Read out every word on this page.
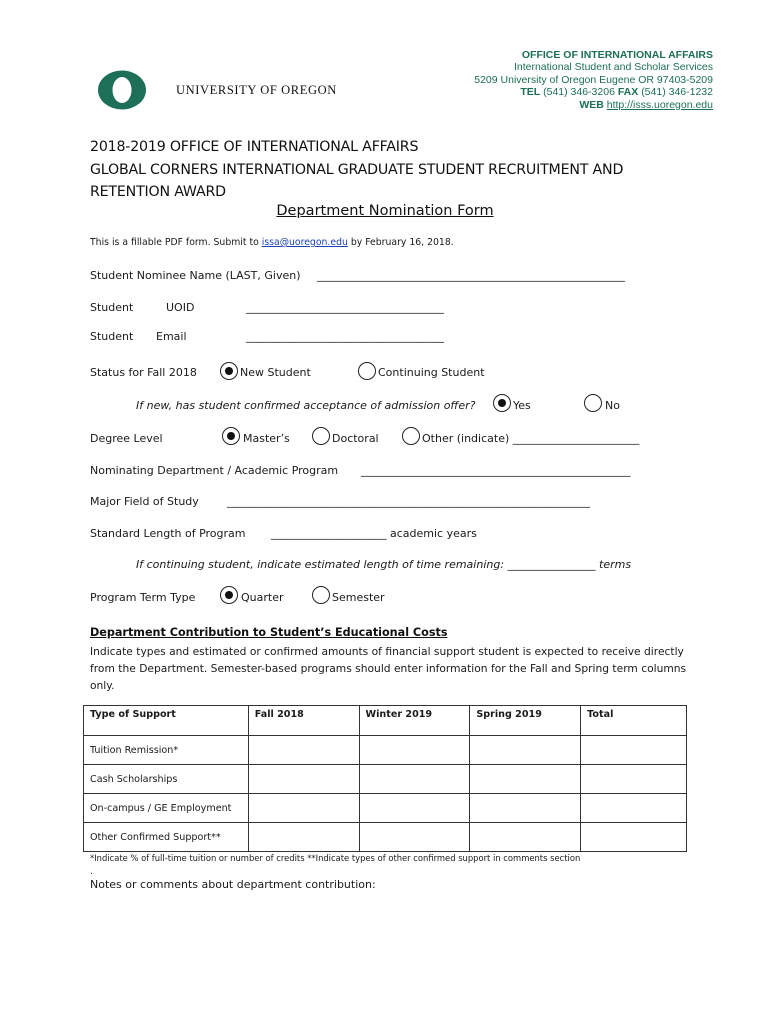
UNIVERSITY OF OREGON
OFFICE OF INTERNATIONAL AFFAIRS
International Student and Scholar Services
5209 University of Oregon Eugene OR 97403-5209
TEL (541) 346-3206 FAX (541) 346-1232
WEB http://isss.uoregon.edu
2018-2019 OFFICE OF INTERNATIONAL AFFAIRS
GLOBAL CORNERS INTERNATIONAL GRADUATE STUDENT RECRUITMENT AND
RETENTION AWARD
Department Nomination Form
This is a fillable PDF form. Submit to issa@uoregon.edu by February 16, 2018.
Student Nominee Name (LAST, Given) ________________________________________________________
Student	UOID	____________________________________
Student Email	____________________________________
Status for Fall 2018	New Student	Continuing Student
If new, has student confirmed acceptance of admission offer?	Yes	No
Degree Level	Master’s	Doctoral	Other (indicate) _______________________
Nominating Department / Academic Program _________________________________________________
Major Field of Study	__________________________________________________________________
Standard Length of Program _____________________ academic years
If continuing student, indicate estimated length of time remaining: ________________ terms
Program Term Type	Quarter	Semester
Department Contribution to Student’s Educational Costs
Indicate types and estimated or confirmed amounts of financial support student is expected to receive directly from the Department. Semester-based programs should enter information for the Fall and Spring term columns only.
Type of Support	Fall 2018	Winter 2019	Spring 2019	Total
Tuition Remission*				
Cash Scholarships				
On-campus / GE Employment				
Other Confirmed Support**				
*Indicate % of full-time tuition or number of credits **Indicate types of other confirmed support in comments section
.
Notes or comments about department contribution:
